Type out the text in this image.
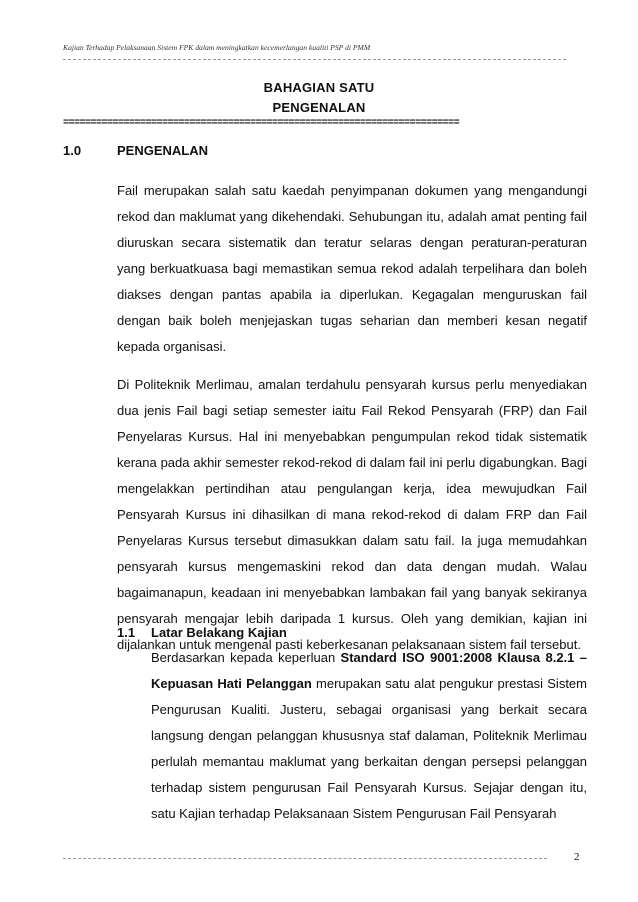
Kajian Terhadap Pelaksanaan Sistem FPK dalam meningkatkan kecemerlangan kualiti PSP di PMM
BAHAGIAN SATU
PENGENALAN
========================================================================
1.0	PENGENALAN

Fail merupakan salah satu kaedah penyimpanan dokumen yang mengandungi rekod dan maklumat yang dikehendaki. Sehubungan itu, adalah amat penting fail diuruskan secara sistematik dan teratur selaras dengan peraturan-peraturan yang berkuatkuasa bagi memastikan semua rekod adalah terpelihara dan boleh diakses dengan pantas apabila ia diperlukan. Kegagalan menguruskan fail dengan baik boleh menjejaskan tugas seharian dan memberi kesan negatif kepada organisasi.

Di Politeknik Merlimau, amalan terdahulu pensyarah kursus perlu menyediakan dua jenis Fail bagi setiap semester iaitu Fail Rekod Pensyarah (FRP) dan Fail Penyelaras Kursus. Hal ini menyebabkan pengumpulan rekod tidak sistematik kerana pada akhir semester rekod-rekod di dalam fail ini perlu digabungkan. Bagi mengelakkan pertindihan atau pengulangan kerja, idea mewujudkan Fail Pensyarah Kursus ini dihasilkan di mana rekod-rekod di dalam FRP dan Fail Penyelaras Kursus tersebut dimasukkan dalam satu fail. Ia juga memudahkan pensyarah kursus mengemaskini rekod dan data dengan mudah. Walau bagaimanapun, keadaan ini menyebabkan lambakan fail yang banyak sekiranya pensyarah mengajar lebih daripada 1 kursus. Oleh yang demikian, kajian ini dijalankan untuk mengenal pasti keberkesanan pelaksanaan sistem fail tersebut.

1.1 Latar Belakang Kajian

Berdasarkan kepada keperluan Standard ISO 9001:2008 Klausa 8.2.1 – Kepuasan Hati Pelanggan merupakan satu alat pengukur prestasi Sistem Pengurusan Kualiti. Justeru, sebagai organisasi yang berkait secara langsung dengan pelanggan khususnya staf dalaman, Politeknik Merlimau perlulah memantau maklumat yang berkaitan dengan persepsi pelanggan terhadap sistem pengurusan Fail Pensyarah Kursus. Sejajar dengan itu, satu Kajian terhadap Pelaksanaan Sistem Pengurusan Fail Pensyarah

2
